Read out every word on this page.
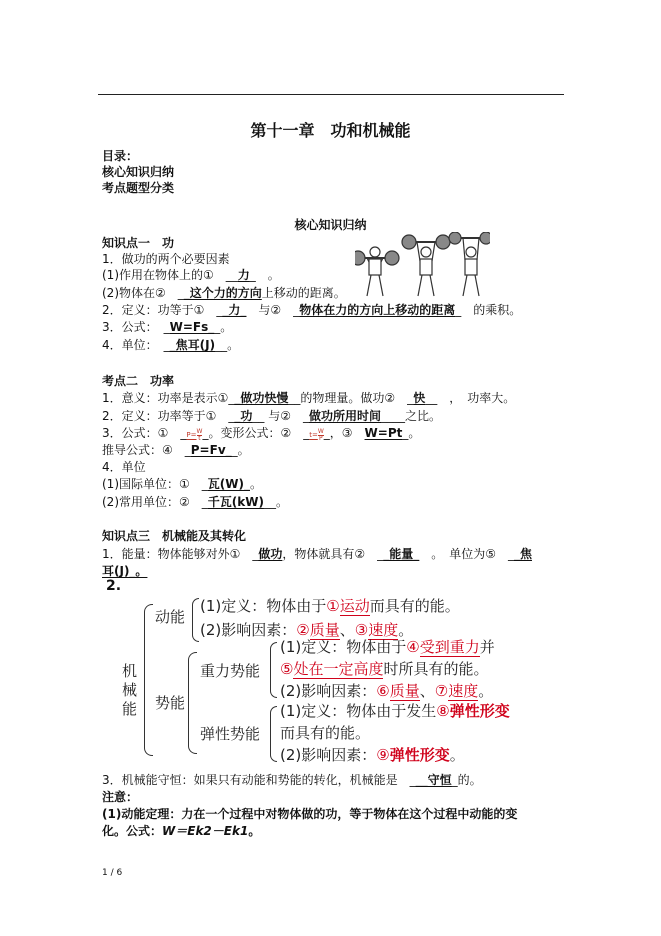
第十一章　功和机械能
目录：
核心知识归纳
考点题型分类
核心知识归纳
知识点一　功
1．做功的两个必要因素
(1)作用在物体上的①　__力_　。
(2)物体在②　__这个力的方向上移动的距离。
2．定义：功等于①　__力_　与②　_物体在力的方向上移动的距离_　的乘积。
3．公式：　_W=Fs__。
4．单位：　__焦耳(J)__。
考点二　功率
1．意义：功率是表示①__做功快慢__的物理量。做功②　_快__　，　功率大。
2．定义：功率等于①　__功__ 与②　_做功所用时间____之比。
3．公式：①　$\_P=\frac{W}{t}\_$。变形公式：②　$\_t=\frac{W}{P}\_$，③　W=Pt_。
推导公式：④　_P=Fv__。
4．单位
(1)国际单位：①　_瓦(W)_。
(2)常用单位：②　_千瓦(kW)__。
知识点三　机械能及其转化
1．能量：物体能够对外①　_做功，物体就具有②　__能量_　。　单位为⑤　__焦
耳(J)_。
2.
机械能
动能
(1)定义：物体由于①运动而具有的能。
(2)影响因素：②质量、③速度。
势能
重力势能
(1)定义：物体由于④受到重力并
⑤处在一定高度时所具有的能。
(2)影响因素：⑥质量、⑦速度。
弹性势能
(1)定义：物体由于发生⑧弹性形变
而具有的能。
(2)影响因素：⑨弹性形变。
3．机械能守恒：如果只有动能和势能的转化，机械能是　___守恒_的。
注意：
(1)动能定理：力在一个过程中对物体做的功，等于物体在这个过程中动能的变
化。公式：W＝Ek2－Ek1。
1 / 6
